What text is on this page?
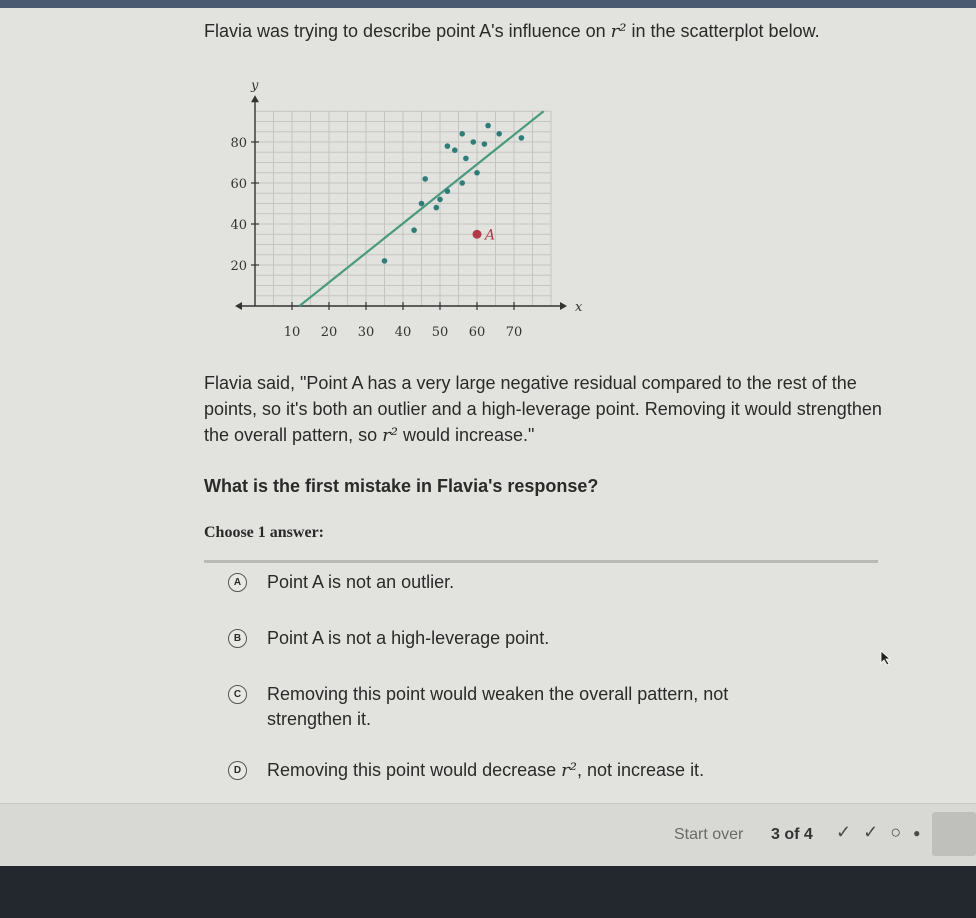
Flavia was trying to describe point A's influence on r² in the scatterplot below.
x
y
10 20 30 40 50 60 70
20
40
60
80
A
Flavia said, "Point A has a very large negative residual compared to the rest of the points, so it's both an outlier and a high-leverage point. Removing it would strengthen the overall pattern, so r² would increase."
What is the first mistake in Flavia's response?
Choose 1 answer:
A	Point A is not an outlier.
B	Point A is not a high-leverage point.
C	Removing this point would weaken the overall pattern, not strengthen it.
D	Removing this point would decrease r², not increase it.
Start over 3 of 4 ✓ ✓ ○ ●
